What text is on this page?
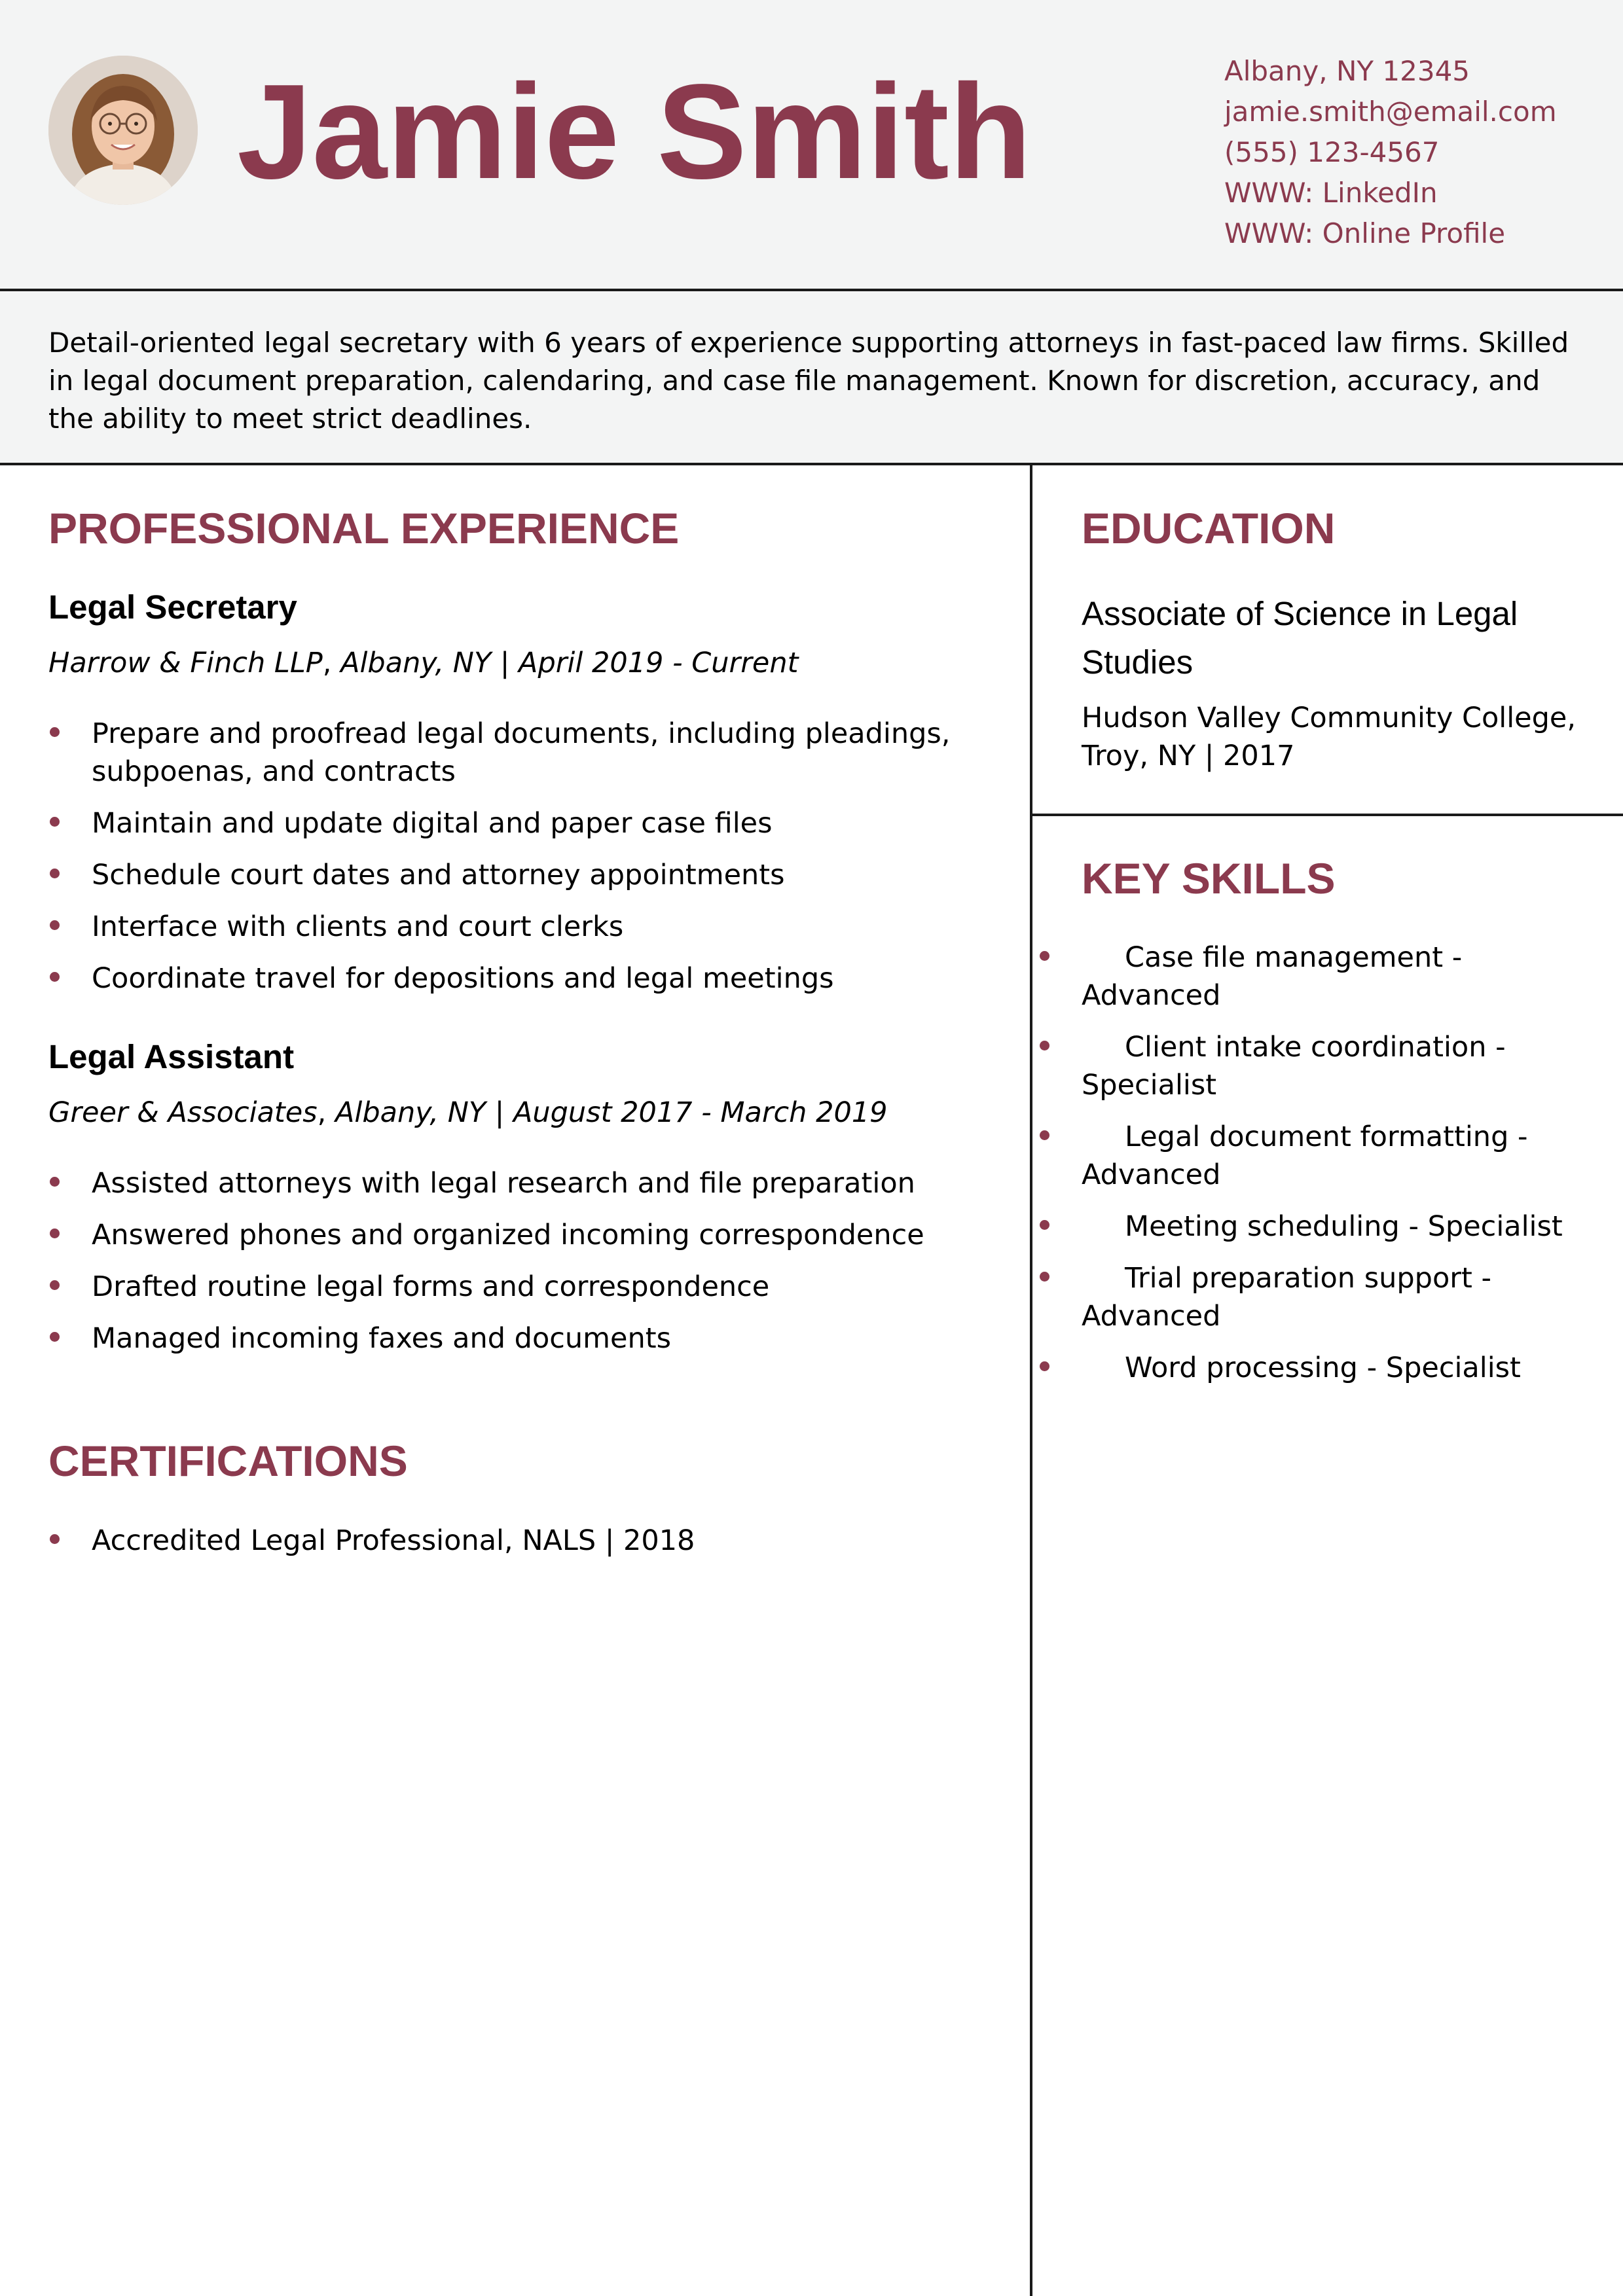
Jamie Smith	Albany, NY 12345
jamie.smith@email.com
(555) 123-4567
WWW: LinkedIn
WWW: Online Profile

Detail-oriented legal secretary with 6 years of experience supporting attorneys in fast-paced law firms. Skilled in legal document preparation, calendaring, and case file management. Known for discretion, accuracy, and the ability to meet strict deadlines.

PROFESSIONAL EXPERIENCE
Legal Secretary

Harrow & Finch LLP, Albany, NY | April 2019 - Current

Prepare and proofread legal documents, including pleadings, subpoenas, and contracts
Maintain and update digital and paper case files
Schedule court dates and attorney appointments
Interface with clients and court clerks
Coordinate travel for depositions and legal meetings
Legal Assistant

Greer & Associates, Albany, NY | August 2017 - March 2019

Assisted attorneys with legal research and file preparation
Answered phones and organized incoming correspondence
Drafted routine legal forms and correspondence
Managed incoming faxes and documents
CERTIFICATIONS
Accredited Legal Professional, NALS | 2018
EDUCATION

Associate of Science in Legal Studies

Hudson Valley Community College, Troy, NY | 2017

KEY SKILLS
Case file management - Advanced
Client intake coordination - Specialist
Legal document formatting - Advanced
Meeting scheduling - Specialist
Trial preparation support - Advanced
Word processing - Specialist
